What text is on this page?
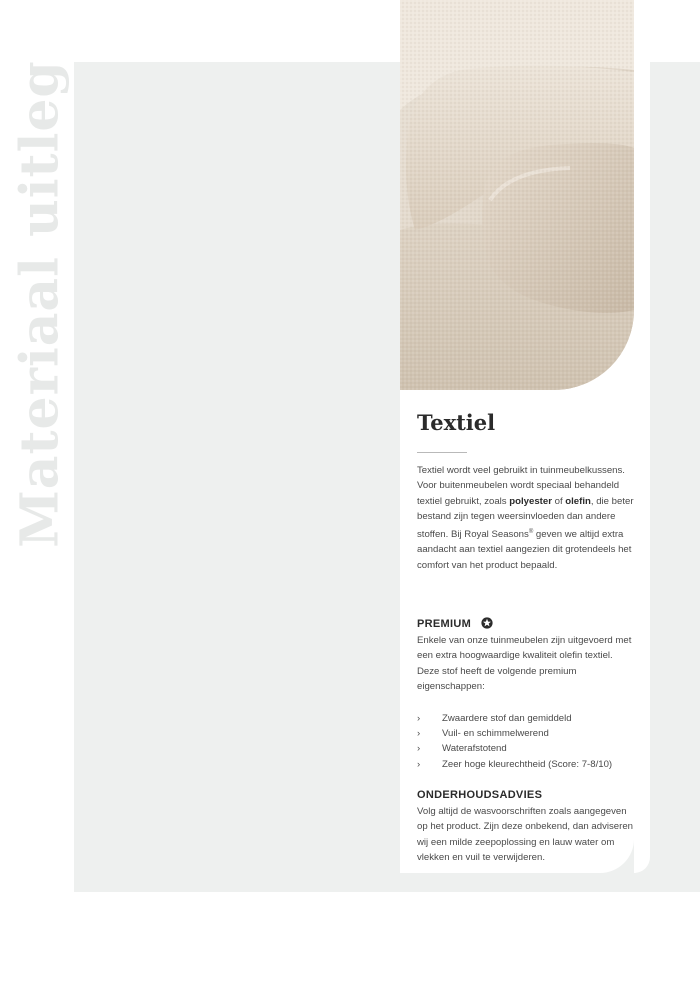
Materiaal uitleg	Textiel

Textiel wordt veel gebruikt in tuinmeubelkussens. Voor buitenmeubelen wordt speciaal behandeld textiel gebruikt, zoals polyester of olefin, die beter bestand zijn tegen weersinvloeden dan andere stoffen. Bij Royal Seasons® geven we altijd extra aandacht aan textiel aangezien dit grotendeels het comfort van het product bepaald.

PREMIUM

Enkele van onze tuinmeubelen zijn uitgevoerd met een extra hoogwaardige kwaliteit olefin textiel. Deze stof heeft de volgende premium eigenschappen:

› Zwaardere stof dan gemiddeld
› Vuil- en schimmelwerend
› Waterafstotend
› Zeer hoge kleurechtheid (Score: 7-8/10)
ONDERHOUDSADVIES

Volg altijd de wasvoorschriften zoals aangegeven op het product. Zijn deze onbekend, dan adviseren wij een milde zeepoplossing en lauw water om vlekken en vuil te verwijderen.
